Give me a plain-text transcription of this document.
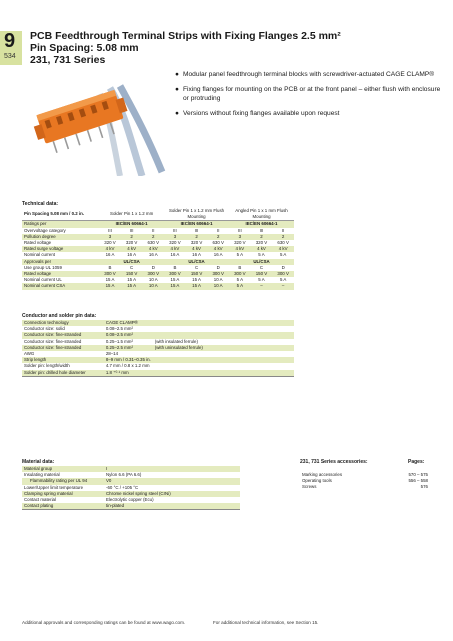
9
534
PCB Feedthrough Terminal Strips with Fixing Flanges 2.5 mm²
Pin Spacing: 5.08 mm
231, 731 Series
● Modular panel feedthrough terminal blocks with screwdriver-actuated CAGE CLAMP®
● Fixing flanges for mounting on the PCB or at the front panel – either flush with enclosure or protruding
● Versions without fixing flanges available upon request
Technical data:
Pin Spacing 5.08 mm / 0.2 in.	Solder Pin 1 x 1.2 mm			Solder Pin 1 x 1.2 mm Flush Mounting			Angled Pin 1 x 1 mm Flush Mounting		
Ratings per	IEC/EN 60664-1			IEC/EN 60664-1			IEC/EN 60664-1		
Overvoltage category	III	III	II	III	III	II	III	III	II
Pollution degree	3	2	2	3	2	2	3	2	2
Rated voltage	320 V	320 V	630 V	320 V	320 V	630 V	320 V	320 V	630 V
Rated surge voltage	4 kV	4 kV	4 kV	4 kV	4 kV	4 kV	4 kV	4 kV	4 kV
Nominal current	16 A	16 A	16 A	16 A	16 A	16 A	5 A	5 A	5 A
Approvals per	UL/CSA			UL/CSA			UL/CSA		
Use group UL 1059	B	C	D	B	C	D	B	C	D
Rated voltage	300 V	150 V	300 V	300 V	150 V	300 V	300 V	150 V	300 V
Nominal current UL	15 A	15 A	10 A	15 A	15 A	10 A	5 A	5 A	5 A
Nominal current CSA	15 A	15 A	10 A	15 A	15 A	10 A	5 A	–	–
Conductor and solder pin data:
Connection technology	CAGE CLAMP®	
Conductor size: solid	0.08–2.5 mm²	
Conductor size: fine-stranded	0.08–2.5 mm²	
Conductor size: fine-stranded	0.25–1.5 mm²	(with insulated ferrule)
Conductor size: fine-stranded	0.25–2.5 mm²	(with uninsulated ferrule)
AWG	28–14	
Strip length	8–9 mm / 0.31–0.35 in.	
Solder pin: length/width	4.7 mm / 0.8 x 1.2 mm	
Solder pin: drilled hole diameter	1.8 ⁺⁰·¹ mm	
Material data:
Material group	I
Insulating material	Nylon 6.6 (PA 6.6)
Flammability rating per UL 94	V0
Lower/Upper limit temperature	-60 °C / +105 °C
Clamping spring material	Chrome nickel spring steel (CrNi)
Contact material	Electrolytic copper (Ecu)
Contact plating	tin-plated
231, 731 Series accessories:	Pages:
Marking accessories	570 – 575
Operating tools	556 – 558
Screws	576
Additional approvals and corresponding ratings can be found at www.wago.com.	For additional technical information, see Section 15.
